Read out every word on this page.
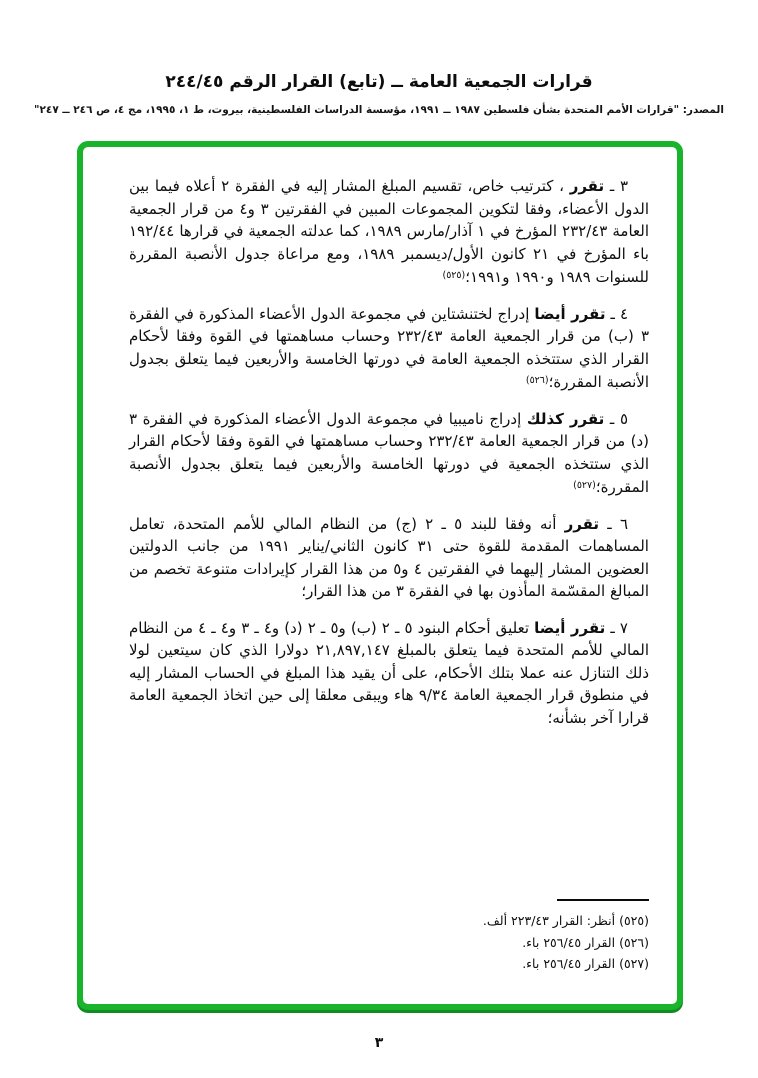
قرارات الجمعية العامة ــ (تابع) القرار الرقم ٢٤٤/٤٥
المصدر: "قرارات الأمم المتحدة بشأن فلسطين ١٩٨٧ ــ ١٩٩١، مؤسسة الدراسات الفلسطينية، بيروت، ط ١، ١٩٩٥، مج ٤، ص ٢٤٦ ــ ٢٤٧"

٣ ـ تقرر ، كترتيب خاص، تقسيم المبلغ المشار إليه في الفقرة ٢ أعلاه فيما بين الدول الأعضاء، وفقا لتكوين المجموعات المبين في الفقرتين ٣ و٤ من قرار الجمعية العامة ٢٣٢/٤٣ المؤرخ في ١ آذار/مارس ١٩٨٩، كما عدلته الجمعية في قرارها ١٩٢/٤٤ باء المؤرخ في ٢١ كانون الأول/ديسمبر ١٩٨٩، ومع مراعاة جدول الأنصبة المقررة للسنوات ١٩٨٩ و١٩٩٠ و١٩٩١؛$^{(٥٢٥)}$

٤ ـ تقرر أيضا إدراج لختنشتاين في مجموعة الدول الأعضاء المذكورة في الفقرة ٣ (ب) من قرار الجمعية العامة ٢٣٢/٤٣ وحساب مساهمتها في القوة وفقا لأحكام القرار الذي ستتخذه الجمعية العامة في دورتها الخامسة والأربعين فيما يتعلق بجدول الأنصبة المقررة؛$^{(٥٢٦)}$

٥ ـ تقرر كذلك إدراج ناميبيا في مجموعة الدول الأعضاء المذكورة في الفقرة ٣ (د) من قرار الجمعية العامة ٢٣٢/٤٣ وحساب مساهمتها في القوة وفقا لأحكام القرار الذي ستتخذه الجمعية في دورتها الخامسة والأربعين فيما يتعلق بجدول الأنصبة المقررة؛$^{(٥٢٧)}$

٦ ـ تقرر أنه وفقا للبند ٥ ـ ٢ (ج) من النظام المالي للأمم المتحدة، تعامل المساهمات المقدمة للقوة حتى ٣١ كانون الثاني/يناير ١٩٩١ من جانب الدولتين العضوين المشار إليهما في الفقرتين ٤ و٥ من هذا القرار كإيرادات متنوعة تخصم من المبالغ المقسّمة المأذون بها في الفقرة ٣ من هذا القرار؛

٧ ـ تقرر أيضا تعليق أحكام البنود ٥ ـ ٢ (ب) و٥ ـ ٢ (د) و٤ ـ ٣ و٤ ـ ٤ من النظام المالي للأمم المتحدة فيما يتعلق بالمبلغ ٢١,٨٩٧,١٤٧ دولارا الذي كان سيتعين لولا ذلك التنازل عنه عملا بتلك الأحكام، على أن يقيد هذا المبلغ في الحساب المشار إليه في منطوق قرار الجمعية العامة ٩/٣٤ هاء ويبقى معلقا إلى حين اتخاذ الجمعية العامة قرارا آخر بشأنه؛

(٥٢٥) أنظر: القرار ٢٢٣/٤٣ ألف.
(٥٢٦) القرار ٢٥٦/٤٥ باء.
(٥٢٧) القرار ٢٥٦/٤٥ باء.
٣
